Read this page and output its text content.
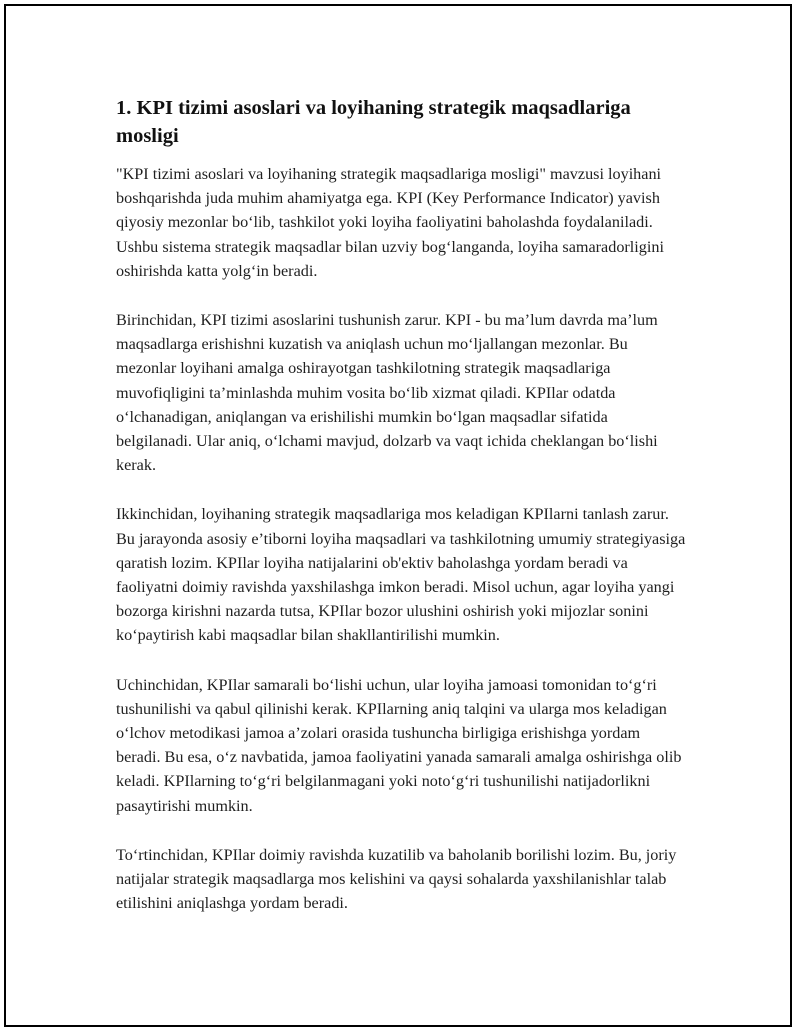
1. KPI tizimi asoslari va loyihaning strategik maqsadlariga mosligi

"KPI tizimi asoslari va loyihaning strategik maqsadlariga mosligi" mavzusi loyihani boshqarishda juda muhim ahamiyatga ega. KPI (Key Performance Indicator) yavish qiyosiy mezonlar bo‘lib, tashkilot yoki loyiha faoliyatini baholashda foydalaniladi. Ushbu sistema strategik maqsadlar bilan uzviy bog‘langanda, loyiha samaradorligini oshirishda katta yolg‘in beradi.

Birinchidan, KPI tizimi asoslarini tushunish zarur. KPI - bu ma’lum davrda ma’lum maqsadlarga erishishni kuzatish va aniqlash uchun mo‘ljallangan mezonlar. Bu mezonlar loyihani amalga oshirayotgan tashkilotning strategik maqsadlariga muvofiqligini ta’minlashda muhim vosita bo‘lib xizmat qiladi. KPIlar odatda o‘lchanadigan, aniqlangan va erishilishi mumkin bo‘lgan maqsadlar sifatida belgilanadi. Ular aniq, o‘lchami mavjud, dolzarb va vaqt ichida cheklangan bo‘lishi kerak.

Ikkinchidan, loyihaning strategik maqsadlariga mos keladigan KPIlarni tanlash zarur. Bu jarayonda asosiy e’tiborni loyiha maqsadlari va tashkilotning umumiy strategiyasiga qaratish lozim. KPIlar loyiha natijalarini ob'ektiv baholashga yordam beradi va faoliyatni doimiy ravishda yaxshilashga imkon beradi. Misol uchun, agar loyiha yangi bozorga kirishni nazarda tutsa, KPIlar bozor ulushini oshirish yoki mijozlar sonini ko‘paytirish kabi maqsadlar bilan shakllantirilishi mumkin.

Uchinchidan, KPIlar samarali bo‘lishi uchun, ular loyiha jamoasi tomonidan to‘g‘ri tushunilishi va qabul qilinishi kerak. KPIlarning aniq talqini va ularga mos keladigan o‘lchov metodikasi jamoa a’zolari orasida tushuncha birligiga erishishga yordam beradi. Bu esa, o‘z navbatida, jamoa faoliyatini yanada samarali amalga oshirishga olib keladi. KPIlarning to‘g‘ri belgilanmagani yoki noto‘g‘ri tushunilishi natijadorlikni pasaytirishi mumkin.

To‘rtinchidan, KPIlar doimiy ravishda kuzatilib va baholanib borilishi lozim. Bu, joriy natijalar strategik maqsadlarga mos kelishini va qaysi sohalarda yaxshilanishlar talab etilishini aniqlashga yordam beradi.
